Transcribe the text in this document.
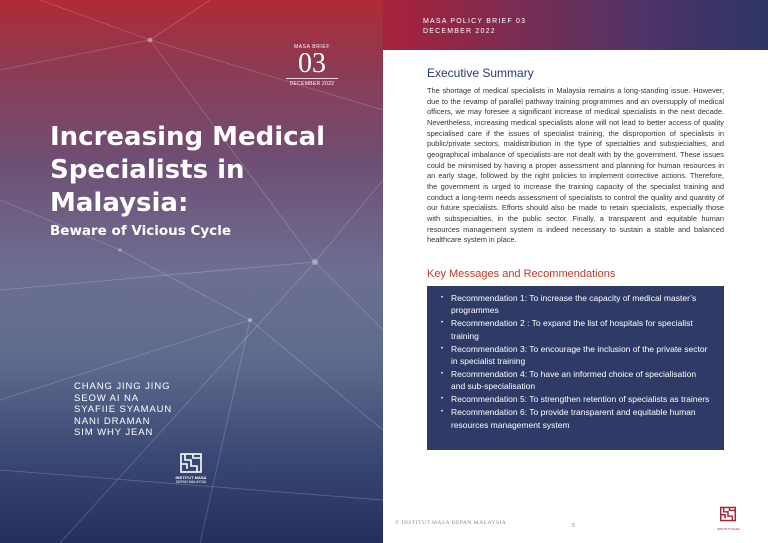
MASA BRIEF
03
DECEMBER 2022
Increasing Medical Specialists in Malaysia:
Beware of Vicious Cycle
CHANG JING JING
SEOW AI NA
SYAFIIE SYAMAUN
NANI DRAMAN
SIM WHY JEAN
INSTITUT MASA
DEPAN MALAYSIA
MASA POLICY BRIEF 03
DECEMBER 2022
Executive Summary

The shortage of medical specialists in Malaysia remains a long-standing issue. However, due to the revamp of parallel pathway training programmes and an oversupply of medical officers, we may foresee a significant increase of medical specialists in the next decade. Nevertheless, increasing medical specialists alone will not lead to better access of quality specialised care if the issues of specialist training, the disproportion of specialists in public/private sectors, maldistribution in the type of specialties and subspecialties, and geographical imbalance of specialists are not dealt with by the government. These issues could be minimised by having a proper assessment and planning for human resources in an early stage, followed by the right policies to implement corrective actions. Therefore, the government is urged to increase the training capacity of the specialist training and conduct a long-term needs assessment of specialists to control the quality and quantity of our future specialists. Efforts should also be made to retain specialists, especially those with subspecialties, in the public sector. Finally, a transparent and equitable human resources management system is indeed necessary to sustain a stable and balanced healthcare system in place.

Key Messages and Recommendations
• Recommendation 1: To increase the capacity of medical master’s programmes
• Recommendation 2 : To expand the list of hospitals for specialist training
• Recommendation 3: To encourage the inclusion of the private sector in specialist training
• Recommendation 4: To have an informed choice of specialisation and sub-specialisation
• Recommendation 5: To strengthen retention of specialists as trainers
• Recommendation 6: To provide transparent and equitable human resources management system
© INSTITUT MASA DEPAN MALAYSIA	5	INSTITUT MASA
